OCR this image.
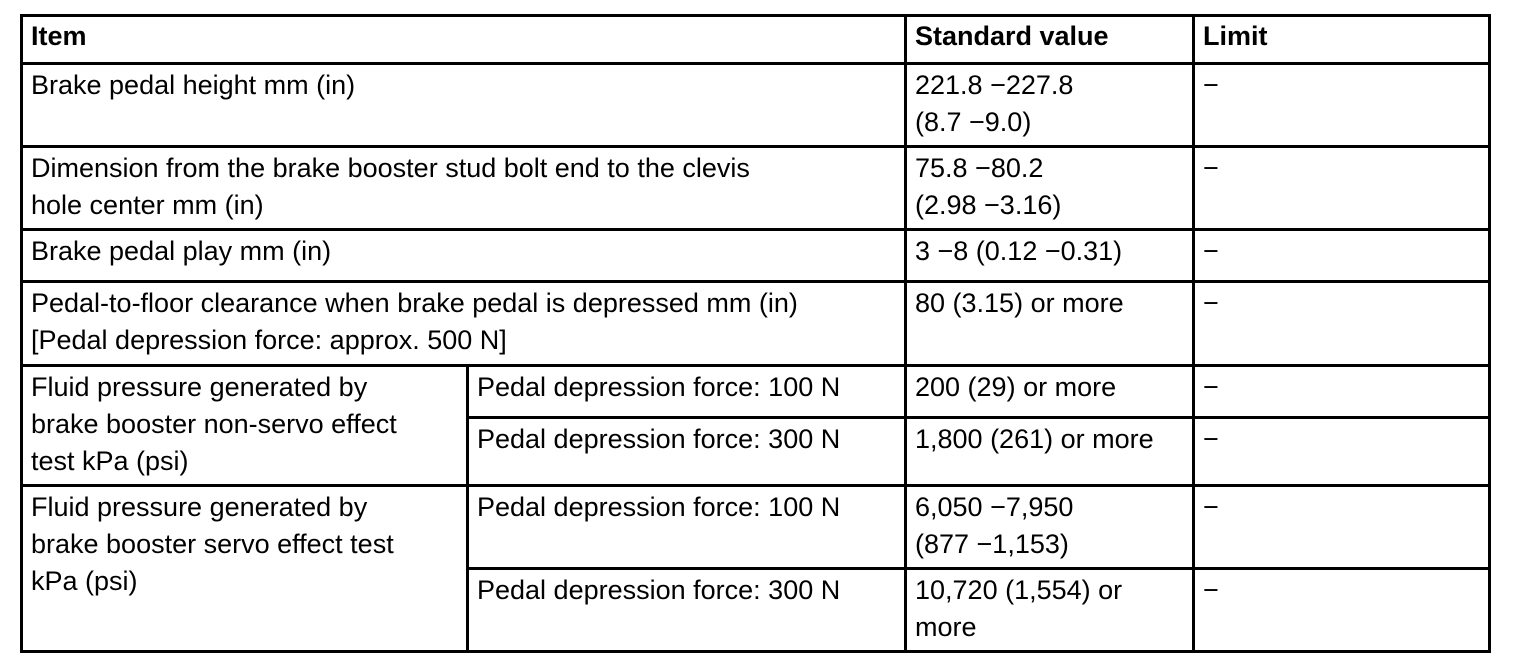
Item		Standard value	Limit
Brake pedal height mm (in)		221.8 −227.8
(8.7 −9.0)	−
Dimension from the brake booster stud bolt end to the clevis
hole center mm (in)		75.8 −80.2
(2.98 −3.16)	−
Brake pedal play mm (in)		3 −8 (0.12 −0.31)	−
Pedal-to-floor clearance when brake pedal is depressed mm (in)
[Pedal depression force: approx. 500 N]		80 (3.15) or more	−
Fluid pressure generated by
brake booster non-servo effect
test kPa (psi)	Pedal depression force: 100 N	200 (29) or more	−
	Pedal depression force: 300 N	1,800 (261) or more	−
Fluid pressure generated by
brake booster servo effect test
kPa (psi)	Pedal depression force: 100 N	6,050 −7,950
(877 −1,153)	−
	Pedal depression force: 300 N	10,720 (1,554) or
more	−
